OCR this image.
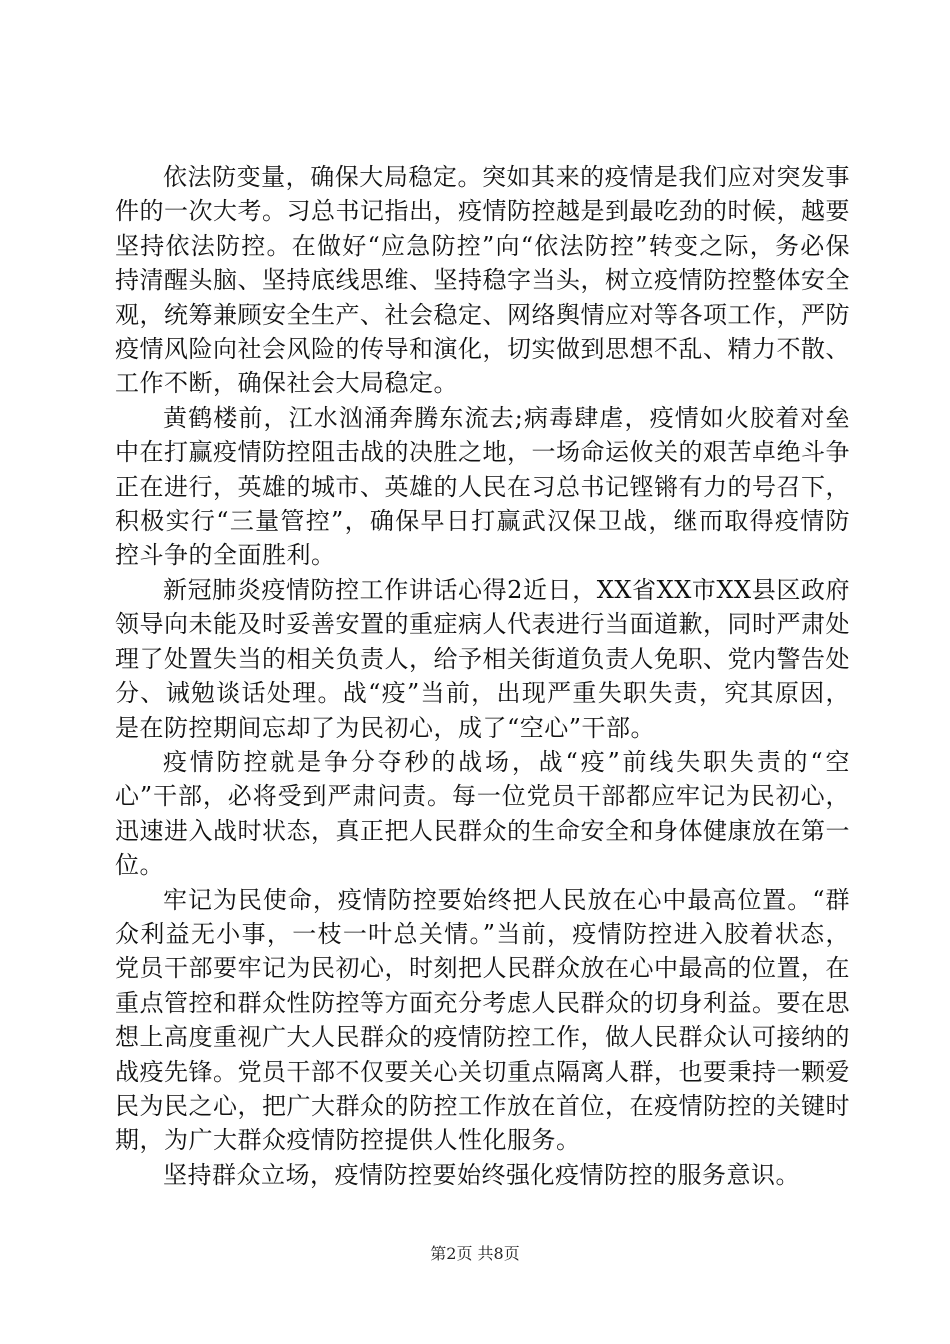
依法防变量，确保大局稳定。突如其来的疫情是我们应对突发事件的一次大考。习总书记指出，疫情防控越是到最吃劲的时候，越要坚持依法防控。在做好“应急防控”向“依法防控”转变之际，务必保持清醒头脑、坚持底线思维、坚持稳字当头，树立疫情防控整体安全观，统筹兼顾安全生产、社会稳定、网络舆情应对等各项工作，严防疫情风险向社会风险的传导和演化，切实做到思想不乱、精力不散、工作不断，确保社会大局稳定。

黄鹤楼前，江水汹涌奔腾东流去;病毒肆虐，疫情如火胶着对垒中在打赢疫情防控阻击战的决胜之地，一场命运攸关的艰苦卓绝斗争正在进行，英雄的城市、英雄的人民在习总书记铿锵有力的号召下，积极实行“三量管控”，确保早日打赢武汉保卫战，继而取得疫情防控斗争的全面胜利。

新冠肺炎疫情防控工作讲话心得2近日，XX省XX市XX县区政府领导向未能及时妥善安置的重症病人代表进行当面道歉，同时严肃处理了处置失当的相关负责人，给予相关街道负责人免职、党内警告处分、诫勉谈话处理。战“疫”当前，出现严重失职失责，究其原因，是在防控期间忘却了为民初心，成了“空心”干部。

疫情防控就是争分夺秒的战场，战“疫”前线失职失责的“空心”干部，必将受到严肃问责。每一位党员干部都应牢记为民初心，迅速进入战时状态，真正把人民群众的生命安全和身体健康放在第一位。

牢记为民使命，疫情防控要始终把人民放在心中最高位置。“群众利益无小事，一枝一叶总关情。”当前，疫情防控进入胶着状态，党员干部要牢记为民初心，时刻把人民群众放在心中最高的位置，在重点管控和群众性防控等方面充分考虑人民群众的切身利益。要在思想上高度重视广大人民群众的疫情防控工作，做人民群众认可接纳的战疫先锋。党员干部不仅要关心关切重点隔离人群，也要秉持一颗爱民为民之心，把广大群众的防控工作放在首位，在疫情防控的关键时期，为广大群众疫情防控提供人性化服务。

坚持群众立场，疫情防控要始终强化疫情防控的服务意识。

第2页 共8页
